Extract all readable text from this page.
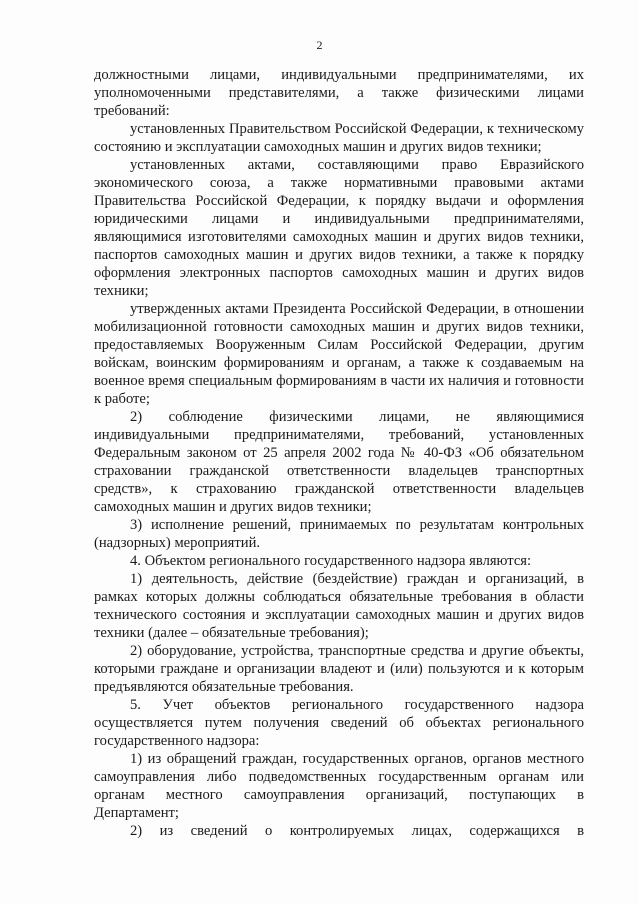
2

должностными лицами, индивидуальными предпринимателями, их уполномоченными представителями, а также физическими лицами требований:

установленных Правительством Российской Федерации, к техническому состоянию и эксплуатации самоходных машин и других видов техники;

установленных актами, составляющими право Евразийского экономического союза, а также нормативными правовыми актами Правительства Российской Федерации, к порядку выдачи и оформления юридическими лицами и индивидуальными предпринимателями, являющимися изготовителями самоходных машин и других видов техники, паспортов самоходных машин и других видов техники, а также к порядку оформления электронных паспортов самоходных машин и других видов техники;

утвержденных актами Президента Российской Федерации, в отношении мобилизационной готовности самоходных машин и других видов техники, предоставляемых Вооруженным Силам Российской Федерации, другим войскам, воинским формированиям и органам, а также к создаваемым на военное время специальным формированиям в части их наличия и готовности к работе;

2) соблюдение физическими лицами, не являющимися индивидуальными предпринимателями, требований, установленных Федеральным законом от 25 апреля 2002 года № 40-ФЗ «Об обязательном страховании гражданской ответственности владельцев транспортных средств», к страхованию гражданской ответственности владельцев самоходных машин и других видов техники;

3) исполнение решений, принимаемых по результатам контрольных (надзорных) мероприятий.

4. Объектом регионального государственного надзора являются:

1) деятельность, действие (бездействие) граждан и организаций, в рамках которых должны соблюдаться обязательные требования в области технического состояния и эксплуатации самоходных машин и других видов техники (далее – обязательные требования);

2) оборудование, устройства, транспортные средства и другие объекты, которыми граждане и организации владеют и (или) пользуются и к которым предъявляются обязательные требования.

5. Учет объектов регионального государственного надзора осуществляется путем получения сведений об объектах регионального государственного надзора:

1) из обращений граждан, государственных органов, органов местного самоуправления либо подведомственных государственным органам или органам местного самоуправления организаций, поступающих в Департамент;

2) из сведений о контролируемых лицах, содержащихся в
